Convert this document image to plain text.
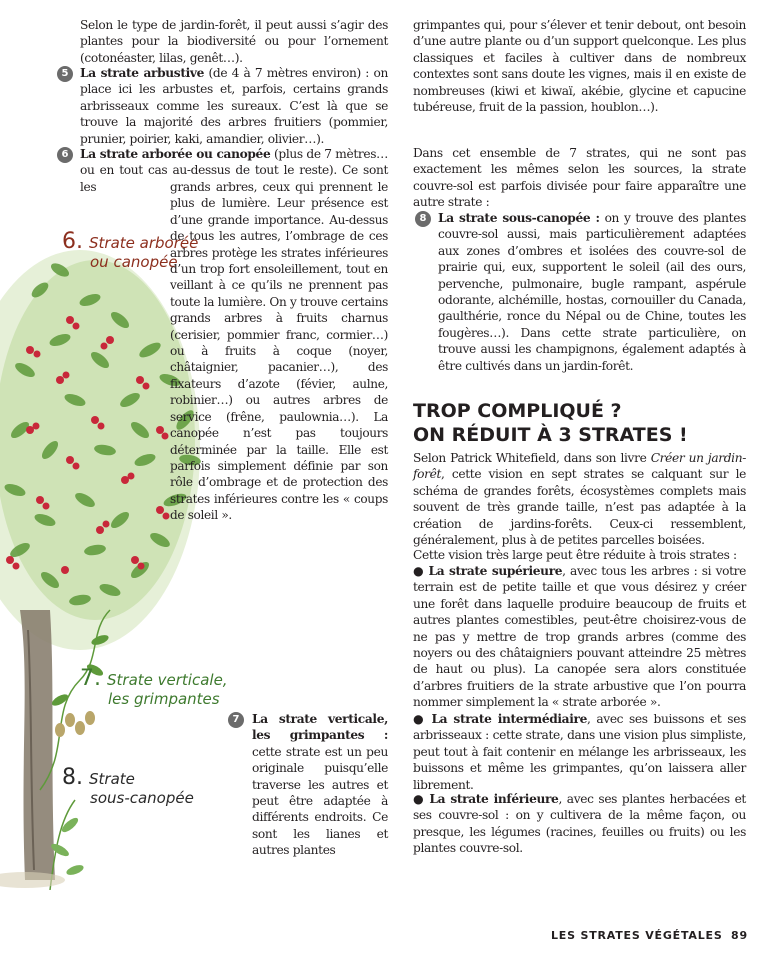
6. Strate arborée
ou canopée
7. Strate verticale,
les grimpantes
8. Strate
sous-canopée
Selon le type de jardin-forêt, il peut aussi s’agir des plantes pour la biodiversité ou pour l’ornement (cotonéaster, lilas, genêt…).
5 La strate arbustive (de 4 à 7 mètres environ) : on place ici les arbustes et, parfois, certains grands arbrisseaux comme les sureaux. C’est là que se trouve la majorité des arbres fruitiers (pommier, prunier, poirier, kaki, amandier, olivier…).
6 La strate arborée ou canopée (plus de 7 mètres… ou en tout cas au-dessus de tout le reste). Ce sont les	grands arbres, ceux qui prennent le plus de lumière. Leur présence est d’une grande importance. Au-dessus de tous les autres, l’ombrage de ces arbres protège les strates inférieures d’un trop fort ensoleillement, tout en veillant à ce qu’ils ne prennent pas toute la lumière. On y trouve certains grands arbres à fruits charnus (cerisier, pommier franc, cormier…) ou à fruits à coque (noyer, châtaignier, pacanier…), des fixateurs d’azote (févier, aulne, robinier…) ou autres arbres de service (frêne, paulownia…). La canopée n’est pas toujours déterminée par la taille. Elle est parfois simplement définie par son rôle d’ombrage et de protection des strates inférieures contre les « coups de soleil ».
7	La strate verticale, les grimpantes : cette strate est un peu originale puisqu’elle traverse les autres et peut être adaptée à différents endroits. Ce sont les lianes et autres plantes
grimpantes qui, pour s’élever et tenir debout, ont besoin d’une autre plante ou d’un support quelconque. Les plus classiques et faciles à cultiver dans de nombreux contextes sont sans doute les vignes, mais il en existe de nombreuses (kiwi et kiwaï, akébie, glycine et capucine tubéreuse, fruit de la passion, houblon…).
Dans cet ensemble de 7 strates, qui ne sont pas exactement les mêmes selon les sources, la strate couvre-sol est parfois divisée pour faire apparaître une autre strate :
8 La strate sous-canopée : on y trouve des plantes couvre-sol aussi, mais particulièrement adaptées aux zones d’ombres et isolées des couvre-sol de prairie qui, eux, supportent le soleil (ail des ours, pervenche, pulmonaire, bugle rampant, aspérule odorante, alchémille, hostas, cornouiller du Canada, gaulthérie, ronce du Népal ou de Chine, toutes les fougères…). Dans cette strate particulière, on trouve aussi les champignons, également adaptés à être cultivés dans un jardin-forêt.
TROP COMPLIQUÉ ?
ON RÉDUIT À 3 STRATES !
Selon Patrick Whitefield, dans son livre Créer un jardin-forêt, cette vision en sept strates se calquant sur le schéma de grandes forêts, écosystèmes complets mais souvent de très grande taille, n’est pas adaptée à la création de jardins-forêts. Ceux-ci ressemblent, généralement, plus à de petites parcelles boisées.
Cette vision très large peut être réduite à trois strates :
● La strate supérieure, avec tous les arbres : si votre terrain est de petite taille et que vous désirez y créer une forêt dans laquelle produire beaucoup de fruits et autres plantes comestibles, peut-être choisirez-vous de ne pas y mettre de trop grands arbres (comme des noyers ou des châtaigniers pouvant atteindre 25 mètres de haut ou plus). La canopée sera alors constituée d’arbres fruitiers de la strate arbustive que l’on pourra nommer simplement la « strate arborée ».
● La strate intermédiaire, avec ses buissons et ses arbrisseaux : cette strate, dans une vision plus simpliste, peut tout à fait contenir en mélange les arbrisseaux, les buissons et même les grimpantes, qu’on laissera aller librement.
● La strate inférieure, avec ses plantes herbacées et ses couvre-sol : on y cultivera de la même façon, ou presque, les légumes (racines, feuilles ou fruits) ou les plantes couvre-sol.
LES STRATES VÉGÉTALES 89
